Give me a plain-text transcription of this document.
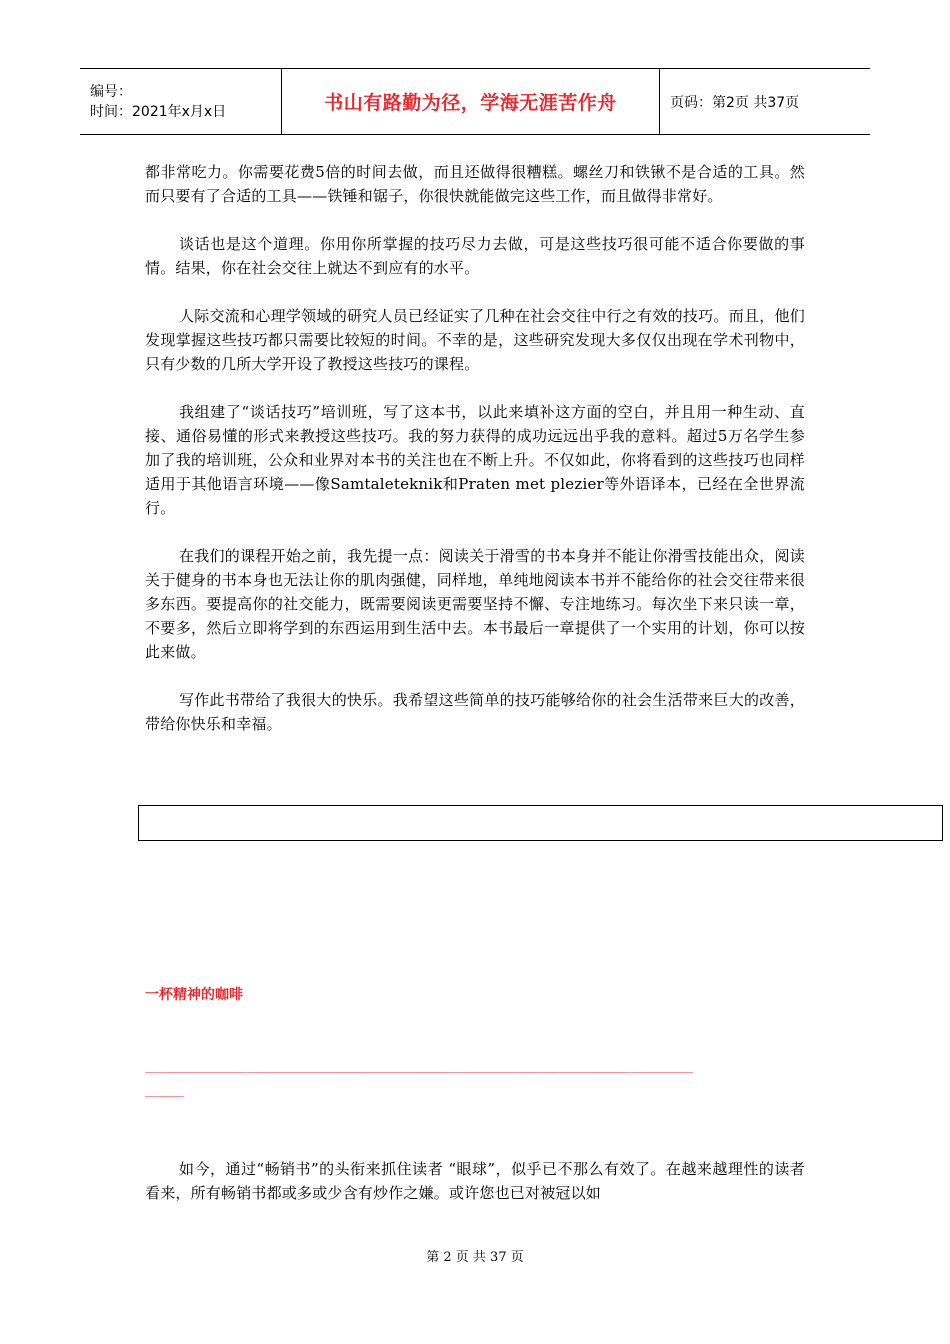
编号：
时间：2021年x月x日	书山有路勤为径，学海无涯苦作舟	页码：第2页 共37页

都非常吃力。你需要花费5倍的时间去做，而且还做得很糟糕。螺丝刀和铁锹不是合适的工具。然而只要有了合适的工具——铁锤和锯子，你很快就能做完这些工作，而且做得非常好。

谈话也是这个道理。你用你所掌握的技巧尽力去做，可是这些技巧很可能不适合你要做的事情。结果，你在社会交往上就达不到应有的水平。

人际交流和心理学领域的研究人员已经证实了几种在社会交往中行之有效的技巧。而且，他们发现掌握这些技巧都只需要比较短的时间。不幸的是，这些研究发现大多仅仅出现在学术刊物中，只有少数的几所大学开设了教授这些技巧的课程。

我组建了“谈话技巧”培训班，写了这本书，以此来填补这方面的空白，并且用一种生动、直接、通俗易懂的形式来教授这些技巧。我的努力获得的成功远远出乎我的意料。超过5万名学生参加了我的培训班，公众和业界对本书的关注也在不断上升。不仅如此，你将看到的这些技巧也同样适用于其他语言环境——像Samtaleteknik和Praten met plezier等外语译本，已经在全世界流行。

在我们的课程开始之前，我先提一点：阅读关于滑雪的书本身并不能让你滑雪技能出众，阅读关于健身的书本身也无法让你的肌肉强健，同样地，单纯地阅读本书并不能给你的社会交往带来很多东西。要提高你的社交能力，既需要阅读更需要坚持不懈、专注地练习。每次坐下来只读一章，不要多，然后立即将学到的东西运用到生活中去。本书最后一章提供了一个实用的计划，你可以按此来做。

写作此书带给了我很大的快乐。我希望这些简单的技巧能够给你的社会生活带来巨大的改善，带给你快乐和幸福。

一杯精神的咖啡
______________________________________________________________________
_____

如今，通过“畅销书”的头衔来抓住读者 “眼球”，似乎已不那么有效了。在越来越理性的读者看来，所有畅销书都或多或少含有炒作之嫌。或许您也已对被冠以如

第 2 页 共 37 页
